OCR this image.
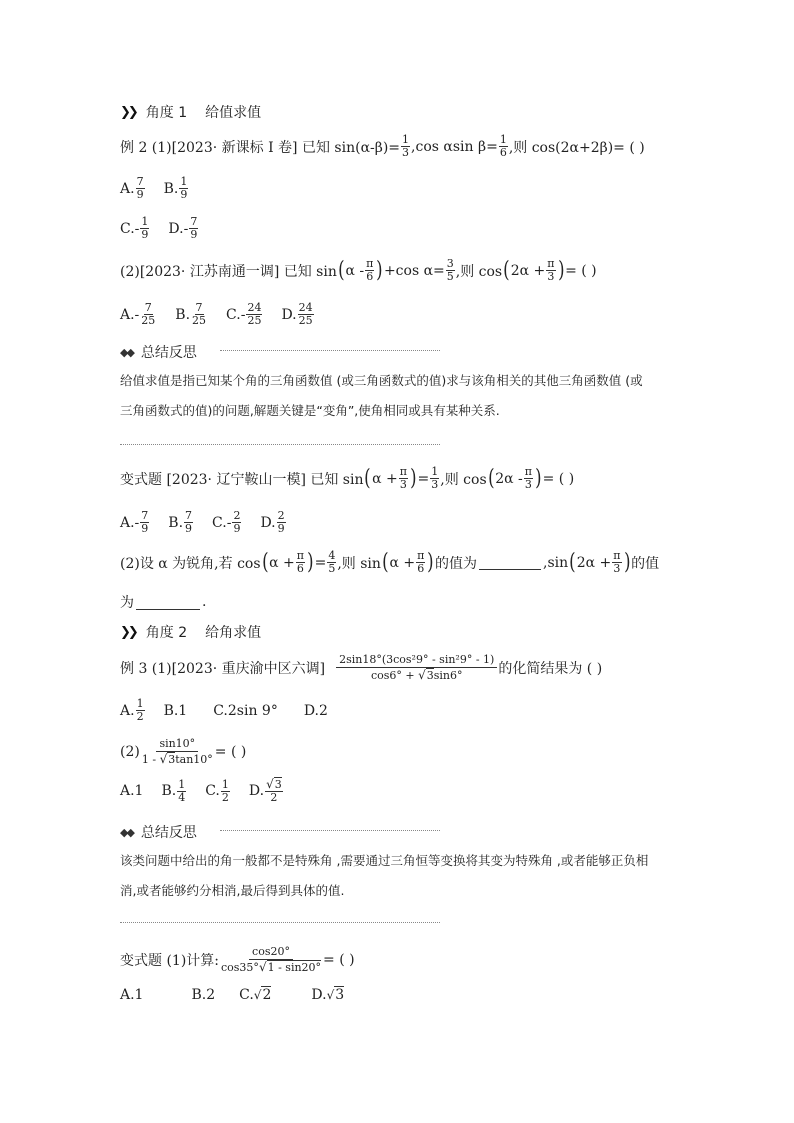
❯❯ 角度 1 给值求值
例 2 (1)[2023· 新课标 Ⅰ 卷] 已知 $\sin(\alpha-\beta)= \frac{1}{3} ,\cos$ αsin $\beta= \frac{1}{6}$ ,则 cos(2α+2β)= ( )
A. $\frac{7}{9} B$. $\frac{1}{9}$
$C.- \frac{1}{9} D.- \frac{7}{9}$
(2)[2023· 江苏南通一调] 已知 sin ( α - $\frac{\pi}{6}$ ) +cos $\alpha= \frac{3}{5}$ ,则 cos ( $2\alpha + \frac{\pi}{3}$ ) = ( )
$A.- \frac{7}{25} B$. $\frac{7}{25} C.- \frac{24}{25} D$. $\frac{24}{25}$
◆◆ 总结反思
给值求值是指已知某个角的三角函数值 (或三角函数式的值)求与该角相关的其他三角函数值 (或
三角函数式的值)的问题,解题关键是“变角”,使角相同或具有某种关系.
变式题 [2023· 辽宁鞍山一模] 已知 sin ( $\alpha + \frac{\pi}{3}$ ) = $\frac{1}{3}$ ,则 cos ( $2\alpha - \frac{\pi}{3}$ ) = ( )
$A.- \frac{7}{9} B$. $\frac{7}{9} C.- \frac{2}{9} D$. $\frac{2}{9}$
(2)设 α 为锐角,若 cos ( $\alpha + \frac{\pi}{6}$ ) = $\frac{4}{5}$ ,则 sin ( $\alpha + \frac{\pi}{6}$ ) 的值为	,sin ( $2\alpha + \frac{\pi}{3}$ ) 的值
为	.
❯❯ 角度 2 给角求值
例 3 (1)[2023· 重庆渝中区六调] $\frac{\text{2sin18°(3cos²9° - sin²9° - 1)}}{\cos 6^\circ + √3\sin 6^\circ}$ 的化简结果为 ( )
A. $\frac{1}{2} B.1$ C.2sin 9° D.2
$(2) \frac{\sin 10^\circ}{1 - √3\tan 10^\circ}$ = ( )
A.1 B. $\frac{1}{4} C$. $\frac{1}{2} D$. $\frac{√3}{2}$
◆◆ 总结反思
该类问题中给出的角一般都不是特殊角 ,需要通过三角恒等变换将其变为特殊角 ,或者能够正负相
消,或者能够约分相消,最后得到具体的值.
变式题 (1)计算: $\frac{\cos 20^\circ}{\cos 35^\circ√1 - \sin 20^\circ}$ = ( )
A.1	B.2 C. √ 2	D. √ 3
